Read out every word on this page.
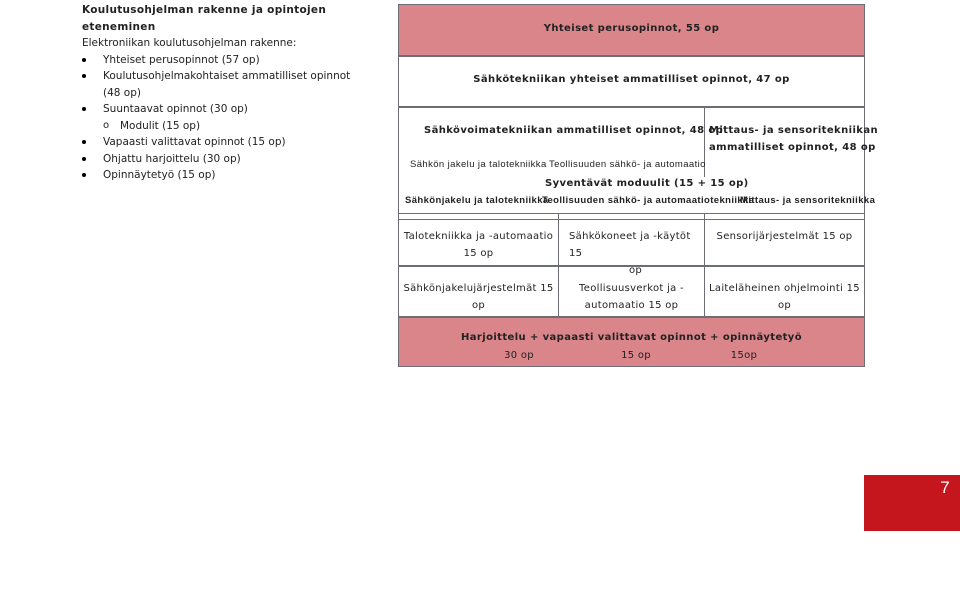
Koulutusohjelman rakenne ja opintojen
eteneminen
Elektroniikan koulutusohjelman rakenne:
Yhteiset perusopinnot (57 op)
Koulutusohjelmakohtaiset ammatilliset opinnot
(48 op)
Suuntaavat opinnot (30 op)
o Modulit (15 op)
Vapaasti valittavat opinnot (15 op)
Ohjattu harjoittelu (30 op)
Opinnäytetyö (15 op)
Yhteiset perusopinnot, 55 op
Sähkötekniikan yhteiset ammatilliset opinnot, 47 op
Sähkövoimatekniikan ammatilliset opinnot, 48 op
Mittaus- ja sensoritekniikan
ammatilliset opinnot, 48 op
Sähkön jakelu ja talotekniikka Teollisuuden sähkö- ja automaatio
Syventävät moduulit (15 + 15 op)
Sähkönjakelu ja talotekniikka
Teollisuuden sähkö- ja automaatiotekniikka
Mittaus- ja sensoritekniikka
Talotekniikka ja -automaatio
15 op
Sähkökoneet ja -käytöt 15
op
Sensorijärjestelmät 15 op
Sähkönjakelujärjestelmät 15 op
Teollisuusverkot ja -
automaatio 15 op
Laiteläheinen ohjelmointi 15 op
Harjoittelu + vapaasti valittavat opinnot + opinnäytetyö
30 op	15 op	15op
7
